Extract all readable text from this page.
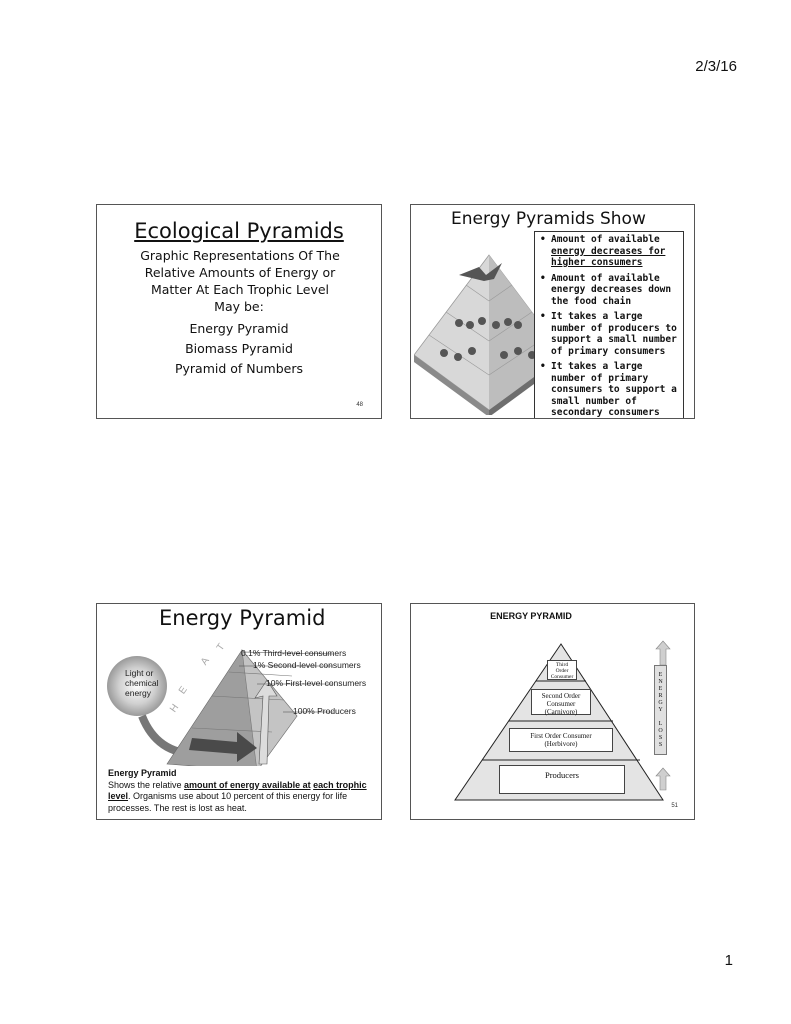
2/3/16
Ecological Pyramids
Graphic Representations Of The
Relative Amounts of Energy or
Matter At Each Trophic Level
May be:
Energy Pyramid
Biomass Pyramid
Pyramid of Numbers
48
Energy Pyramids Show
• Amount of available energy decreases for higher consumers
• Amount of available energy decreases down the food chain
• It takes a large number of producers to support a small number of primary consumers
• It takes a large number of primary consumers to support a small number of secondary consumers
Energy Pyramid
Light or
chemical
energy
H
E
A
T 0.1% Third-level consumers
1% Second-level consumers
10% First-level consumers
100% Producers
Energy Pyramid
Shows the relative amount of energy available at each trophic level. Organisms use about 10 percent of this energy for life processes. The rest is lost as heat.
ENERGY PYRAMID
Third
Order
Consumer
Second Order
Consumer
(Carnivore)
First Order Consumer
(Herbivore)
Producers
E
N
E
R
G
Y
L
O
S
S
51
1
